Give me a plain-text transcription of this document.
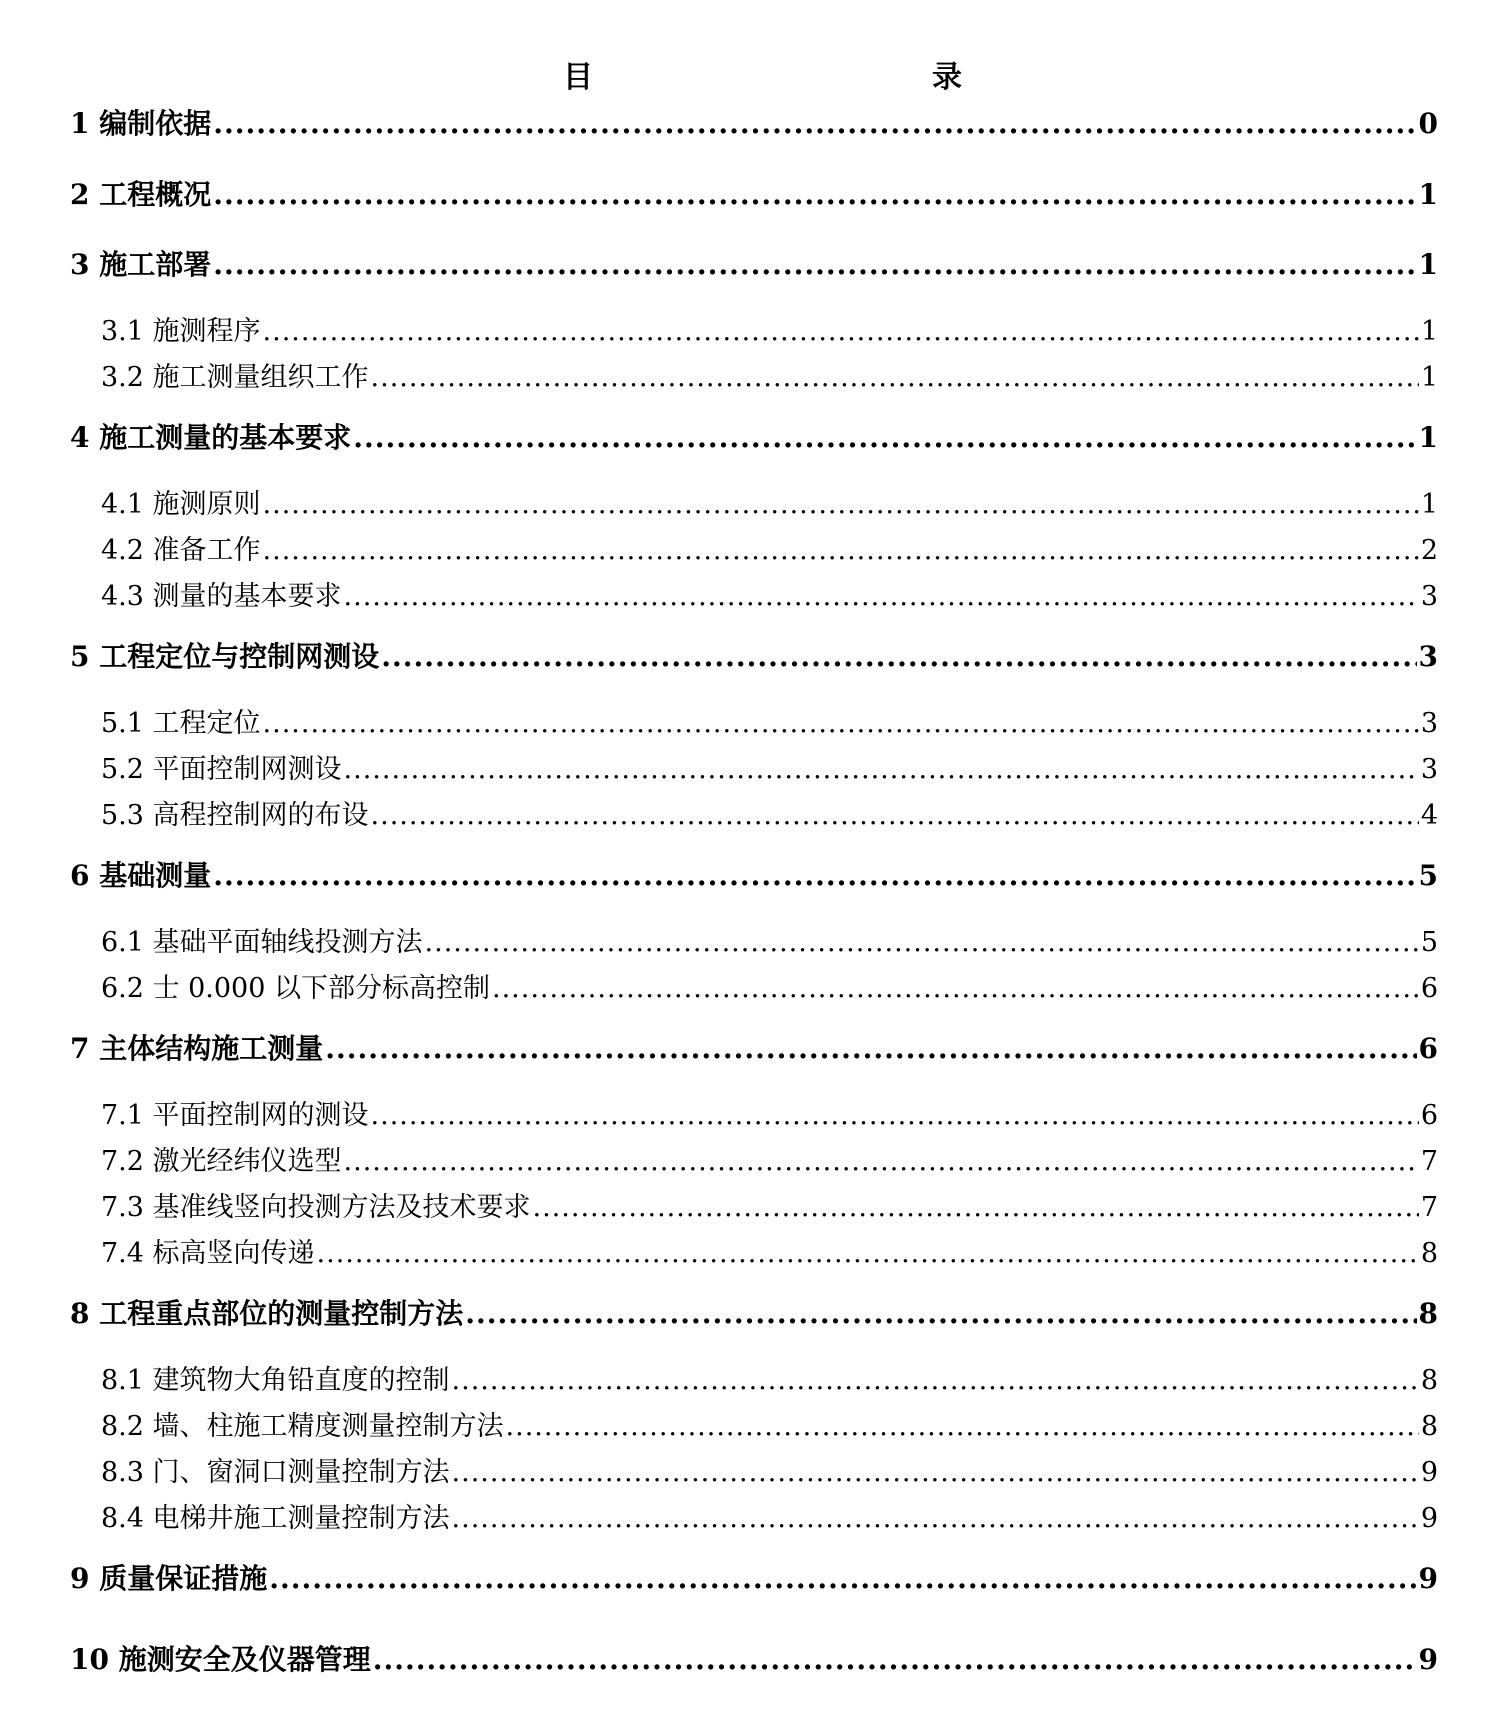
目	录
1 编制依据 .....	0
2 工程概况 .....	1
3 施工部署 .....	1
3.1 施测程序 .....	1
3.2 施工测量组织工作 .....	1
4 施工测量的基本要求 .....	1
4.1 施测原则 .....	1
4.2 准备工作 .....	2
4.3 测量的基本要求 .....	3
5 工程定位与控制网测设 .....	3
5.1 工程定位 .....	3
5.2 平面控制网测设 .....	3
5.3 高程控制网的布设 .....	4
6 基础测量 .....	5
6.1 基础平面轴线投测方法 .....	5
6.2 士 0.000 以下部分标高控制 .....	6
7 主体结构施工测量 .....	6
7.1 平面控制网的测设 .....	6
7.2 激光经纬仪选型 .....	7
7.3 基准线竖向投测方法及技术要求 .....	7
7.4 标高竖向传递 .....	8
8 工程重点部位的测量控制方法 .....	8
8.1 建筑物大角铅直度的控制 .....	8
8.2 墙、柱施工精度测量控制方法 .....	8
8.3 门、窗洞口测量控制方法 .....	9
8.4 电梯井施工测量控制方法 .....	9
9 质量保证措施 .....	9
10 施测安全及仪器管理 .....	9
